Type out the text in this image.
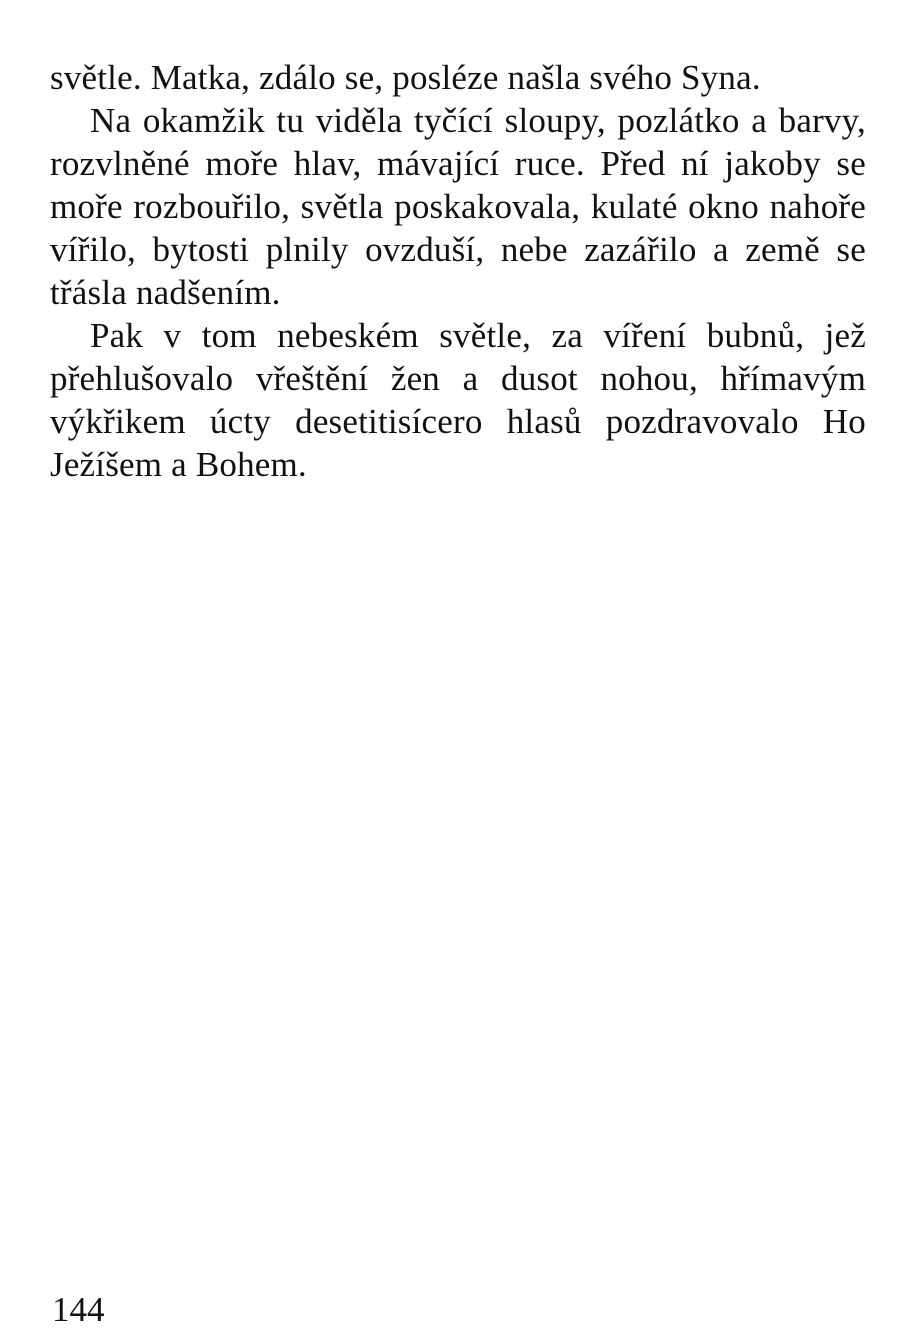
světle. Matka, zdálo se, posléze našla svého Syna.

Na okamžik tu viděla tyčící sloupy, pozlátko a barvy, rozvlněné moře hlav, mávající ruce. Před ní jakoby se moře rozbouřilo, světla poskakovala, kulaté okno nahoře vířilo, bytosti plnily ovzduší, nebe zazářilo a země se třásla nadšením.

Pak v tom nebeském světle, za víření bubnů, jež přehlušovalo vřeštění žen a dusot nohou, hřímavým výkřikem úcty desetitisícero hlasů pozdravovalo Ho Ježíšem a Bohem.

144
